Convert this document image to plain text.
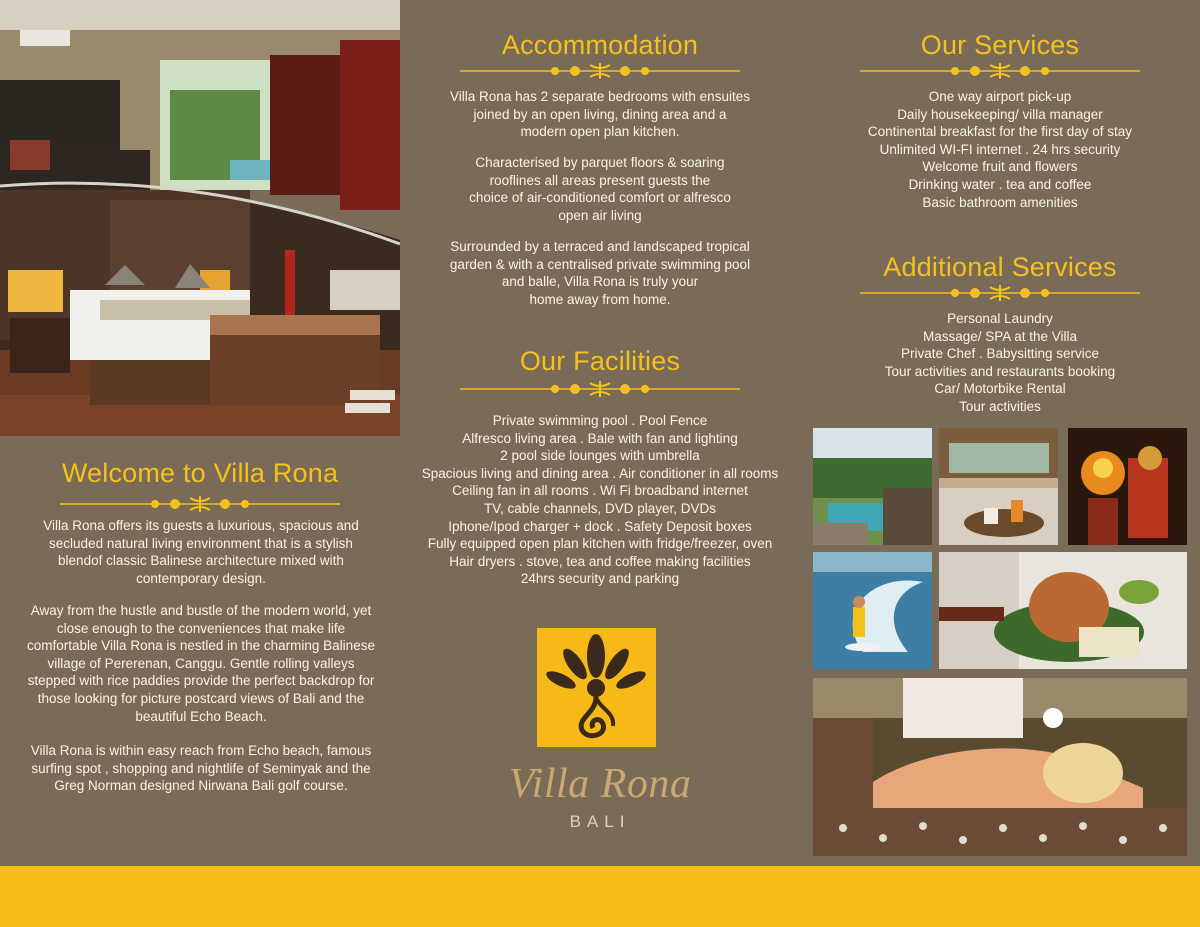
Welcome to Villa Rona
Villa Rona offers its guests a luxurious, spacious and secluded natural living environment that is a stylish blendof classic Balinese architecture mixed with contemporary design.
Away from the hustle and bustle of the modern world, yet close enough to the conveniences that make life comfortable Villa Rona is nestled in the charming Balinese village of Pererenan, Canggu. Gentle rolling valleys stepped with rice paddies provide the perfect backdrop for those looking for picture postcard views of Bali and the beautiful Echo Beach.
Villa Rona is within easy reach from Echo beach, famous surfing spot , shopping and nightlife of Seminyak and the Greg Norman designed Nirwana Bali golf course.
Accommodation
Villa Rona has 2 separate bedrooms with ensuites
joined by an open living, dining area and a
modern open plan kitchen.
Characterised by parquet floors & soaring
rooflines all areas present guests the
choice of air-conditioned comfort or alfresco
open air living
Surrounded by a terraced and landscaped tropical
garden & with a centralised private swimming pool
and balle, Villa Rona is truly your
home away from home.
Our Facilities
Private swimming pool . Pool Fence
Alfresco living area . Bale with fan and lighting
2 pool side lounges with umbrella
Spacious living and dining area . Air conditioner in all rooms
Ceiling fan in all rooms . Wi Fi broadband internet
TV, cable channels, DVD player, DVDs
Iphone/Ipod charger + dock . Safety Deposit boxes
Fully equipped open plan kitchen with fridge/freezer, oven
Hair dryers . stove, tea and coffee making facilities
24hrs security and parking
Villa Rona
BALI
Our Services
One way airport pick-up
Daily housekeeping/ villa manager
Continental breakfast for the first day of stay
Unlimited WI-FI internet . 24 hrs security
Welcome fruit and flowers
Drinking water . tea and coffee
Basic bathroom amenities
Additional Services
Personal Laundry
Massage/ SPA at the Villa
Private Chef . Babysitting service
Tour activities and restaurants booking
Car/ Motorbike Rental
Tour activities
